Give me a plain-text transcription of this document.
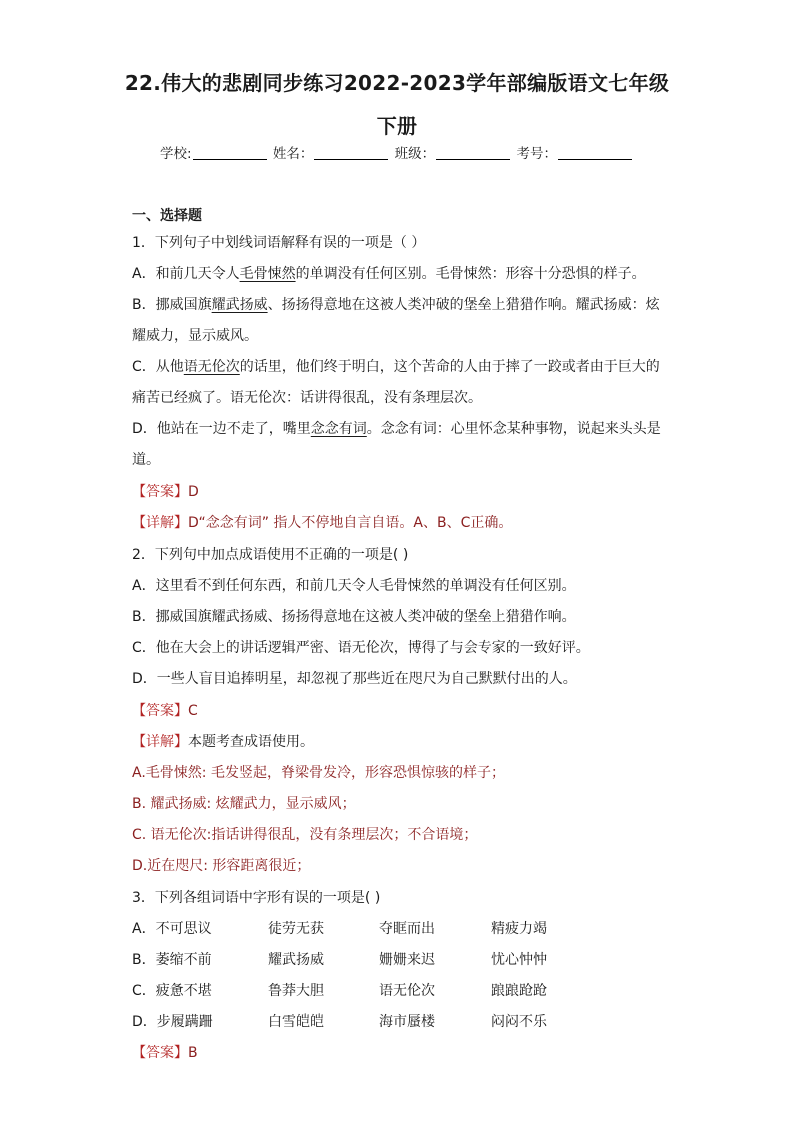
22.伟大的悲剧同步练习2022-2023学年部编版语文七年级
下册
学校:	姓名：	班级：	考号：
一、选择题
1．下列句子中划线词语解释有误的一项是（ ）
A．和前几天令人毛骨悚然的单调没有任何区别。毛骨悚然：形容十分恐惧的样子。
B．挪威国旗耀武扬威、扬扬得意地在这被人类冲破的堡垒上猎猎作响。耀武扬威：炫
耀威力，显示威风。
C．从他语无伦次的话里，他们终于明白，这个苦命的人由于摔了一跤或者由于巨大的
痛苦已经疯了。语无伦次：话讲得很乱，没有条理层次。
D．他站在一边不走了，嘴里念念有词。念念有词：心里怀念某种事物，说起来头头是
道。
【答案】D
【详解】D“念念有词” 指人不停地自言自语。A、B、C正确。
2．下列句中加点成语使用不正确的一项是( )
A．这里看不到任何东西，和前几天令人毛骨悚然的单调没有任何区别。
B．挪威国旗耀武扬威、扬扬得意地在这被人类冲破的堡垒上猎猎作响。
C．他在大会上的讲话逻辑严密、语无伦次，博得了与会专家的一致好评。
D．一些人盲目追捧明星，却忽视了那些近在咫尺为自己默默付出的人。
【答案】C
【详解】本题考查成语使用。
A.毛骨悚然: 毛发竖起，脊梁骨发冷，形容恐惧惊骇的样子；
B. 耀武扬威: 炫耀武力，显示威风；
C. 语无伦次:指话讲得很乱，没有条理层次；不合语境；
D.近在咫尺: 形容距离很近；
3．下列各组词语中字形有误的一项是( )
A．不可思议	徒劳无获	夺眶而出	精疲力竭
B．萎缩不前	耀武扬威	姗姗来迟	忧心忡忡
C．疲惫不堪	鲁莽大胆	语无伦次	踉踉跄跄
D．步履蹒跚	白雪皑皑	海市蜃楼	闷闷不乐
【答案】B
